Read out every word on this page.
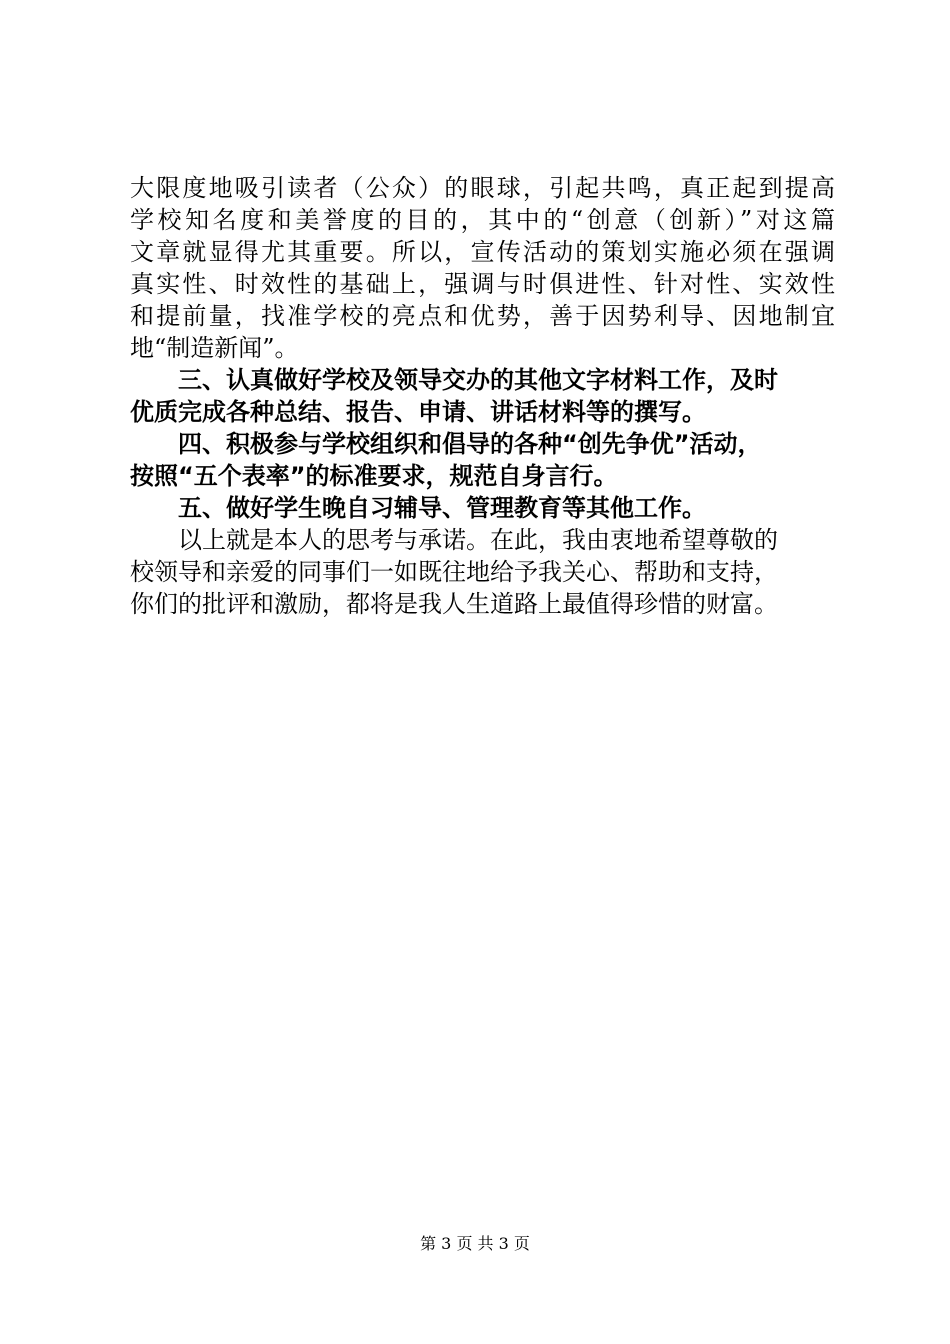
大限度地吸引读者（公众）的眼球，引起共鸣，真正起到提高
学校知名度和美誉度的目的，其中的“创意（创新）”对这篇
文章就显得尤其重要。所以，宣传活动的策划实施必须在强调
真实性、时效性的基础上，强调与时俱进性、针对性、实效性
和提前量，找准学校的亮点和优势，善于因势利导、因地制宜
地“制造新闻”。
三、认真做好学校及领导交办的其他文字材料工作，及时
优质完成各种总结、报告、申请、讲话材料等的撰写。
四、积极参与学校组织和倡导的各种“创先争优”活动，
按照“五个表率”的标准要求，规范自身言行。
五、做好学生晚自习辅导、管理教育等其他工作。
以上就是本人的思考与承诺。在此，我由衷地希望尊敬的
校领导和亲爱的同事们一如既往地给予我关心、帮助和支持，
你们的批评和激励，都将是我人生道路上最值得珍惜的财富。
第 3 页 共 3 页
